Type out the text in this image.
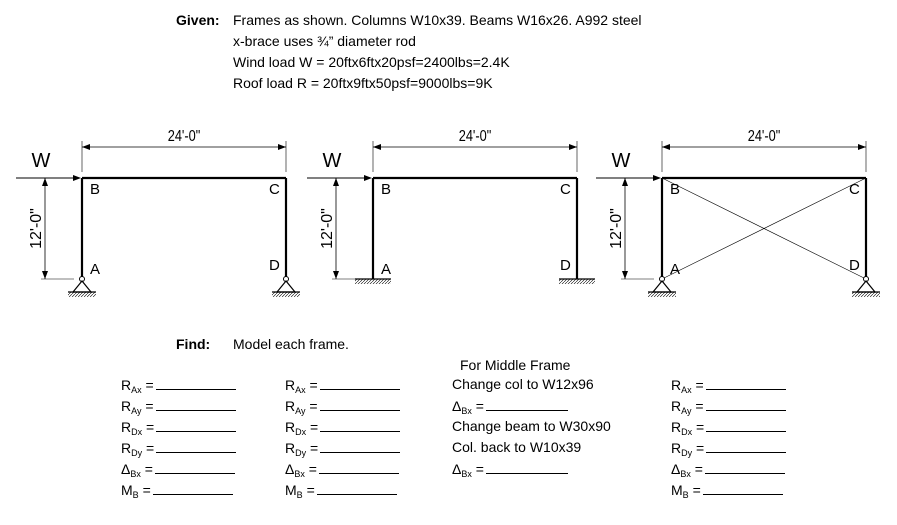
Given: Frames as shown. Columns W10x39. Beams W16x26. A992 steel
x-brace uses ¾” diameter rod
Wind load W = 20ftx6ftx20psf=2400lbs=2.4K
Roof load R = 20ftx9ftx50psf=9000lbs=9K
24'-0"
12'-0"
W
B	C
A	D
24'-0"
12'-0"
W
B	C
A	D
24'-0"
12'-0"
W
B	C
A	D
Find: Model each frame.
$R_{Ax}$ =
$R_{Ay}$ =
$R_{Dx}$ =
$R_{Dy}$ =
$\Delta_{Bx}$ =
$M_B$ =
$R_{Ax}$ =
$R_{Ay}$ =
$R_{Dx}$ =
$R_{Dy}$ =
$\Delta_{Bx}$ =
$M_B$ =
$R_{Ax}$ =
$R_{Ay}$ =
$R_{Dx}$ =
$R_{Dy}$ =
$\Delta_{Bx}$ =
$M_B$ =
For Middle Frame
Change col to W12x96
$\Delta_{Bx}$ =
Change beam to W30x90
Col. back to W10x39
$\Delta_{Bx}$ =
